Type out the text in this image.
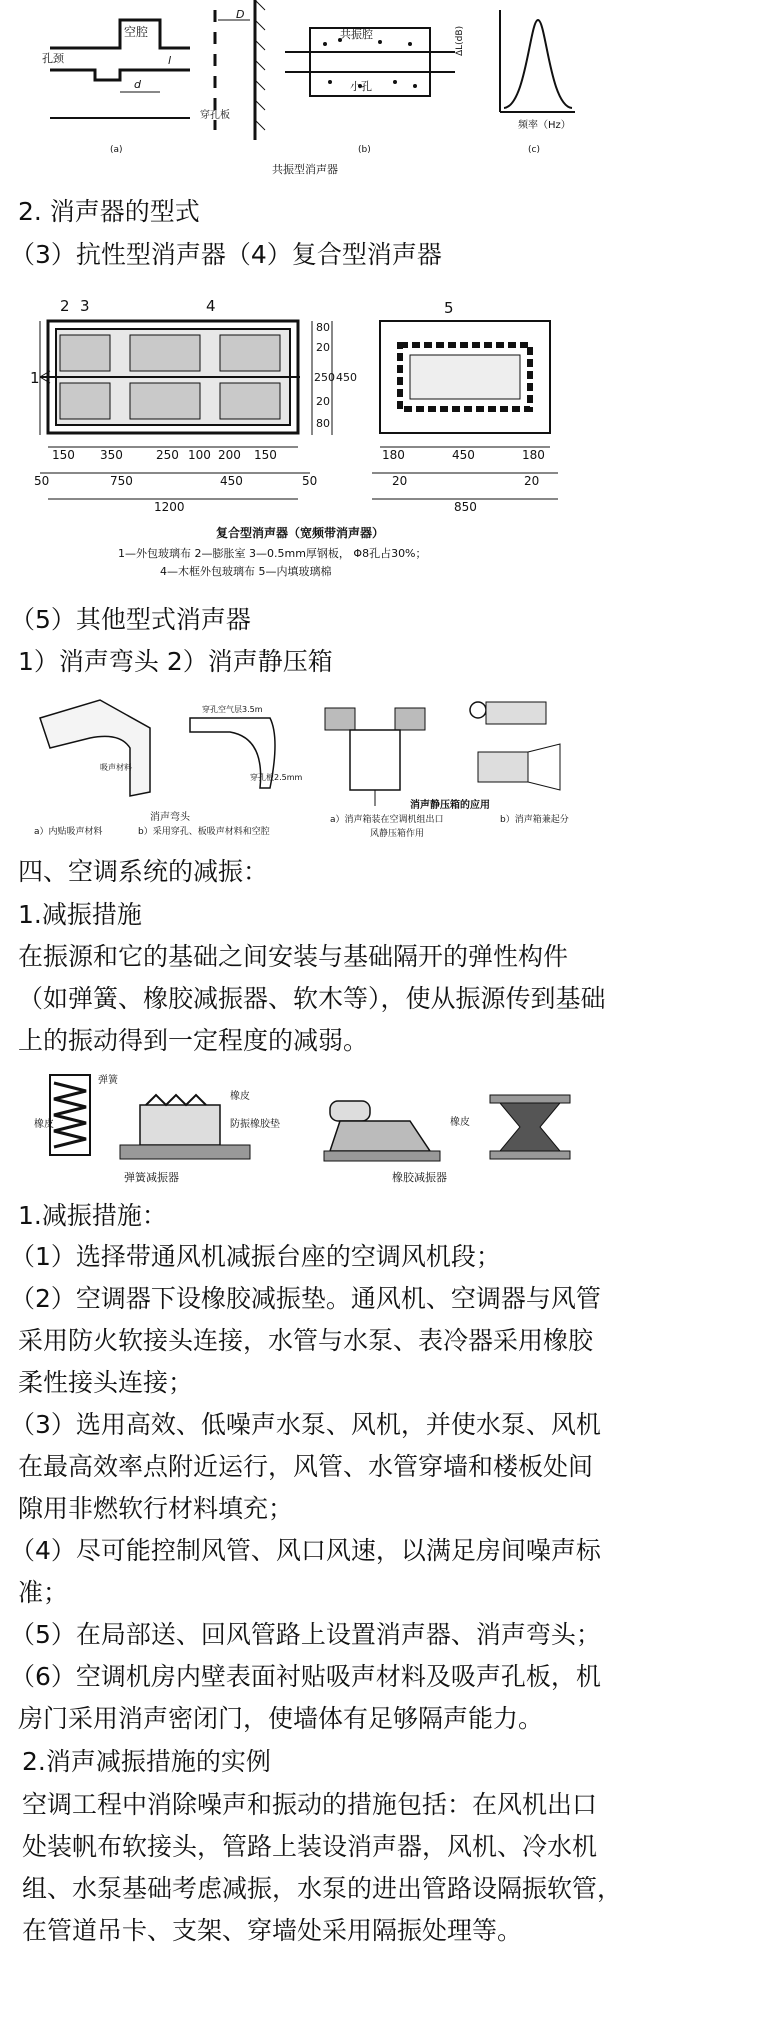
空腔
孔颈	l
d
(a)
D
穿孔板
共振腔
小孔
(b)
ΔL(dB)
频率（Hz）
(c)
共振型消声器
2. 消声器的型式
（3）抗性型消声器（4）复合型消声器
1
2 3	4
80
20
250
20
80
450
150 350	250 100 200 150
50	750	450	50
1200
5
180	450	180
20	20
850
复合型消声器（宽频带消声器）
1—外包玻璃布 2—膨胀室 3—0.5mm厚钢板， Φ8孔占30%；
4—木框外包玻璃布 5—内填玻璃棉
（5）其他型式消声器
1）消声弯头 2）消声静压箱
吸声材料
穿孔空气层3.5m
穿孔板2.5mm
消声弯头
a）内贴吸声材料	b）采用穿孔、板吸声材料和空腔
消声静压箱的应用
a）消声箱装在空调机组出口	b）消声箱兼起分
风静压箱作用
四、空调系统的减振：
1.减振措施
在振源和它的基础之间安装与基础隔开的弹性构件
（如弹簧、橡胶减振器、软木等），使从振源传到基础
上的振动得到一定程度的减弱。
弹簧
橡皮
橡皮
防振橡胶垫
弹簧减振器
橡皮
橡胶减振器
1.减振措施：
（1）选择带通风机减振台座的空调风机段；
（2）空调器下设橡胶减振垫。通风机、空调器与风管
采用防火软接头连接，水管与水泵、表冷器采用橡胶
柔性接头连接；
（3）选用高效、低噪声水泵、风机，并使水泵、风机
在最高效率点附近运行，风管、水管穿墙和楼板处间
隙用非燃软行材料填充；
（4）尽可能控制风管、风口风速，以满足房间噪声标
准；
（5）在局部送、回风管路上设置消声器、消声弯头；
（6）空调机房内壁表面衬贴吸声材料及吸声孔板，机
房门采用消声密闭门，使墙体有足够隔声能力。
2.消声减振措施的实例
空调工程中消除噪声和振动的措施包括：在风机出口
处装帆布软接头，管路上装设消声器，风机、冷水机
组、水泵基础考虑减振，水泵的进出管路设隔振软管，
在管道吊卡、支架、穿墙处采用隔振处理等。
